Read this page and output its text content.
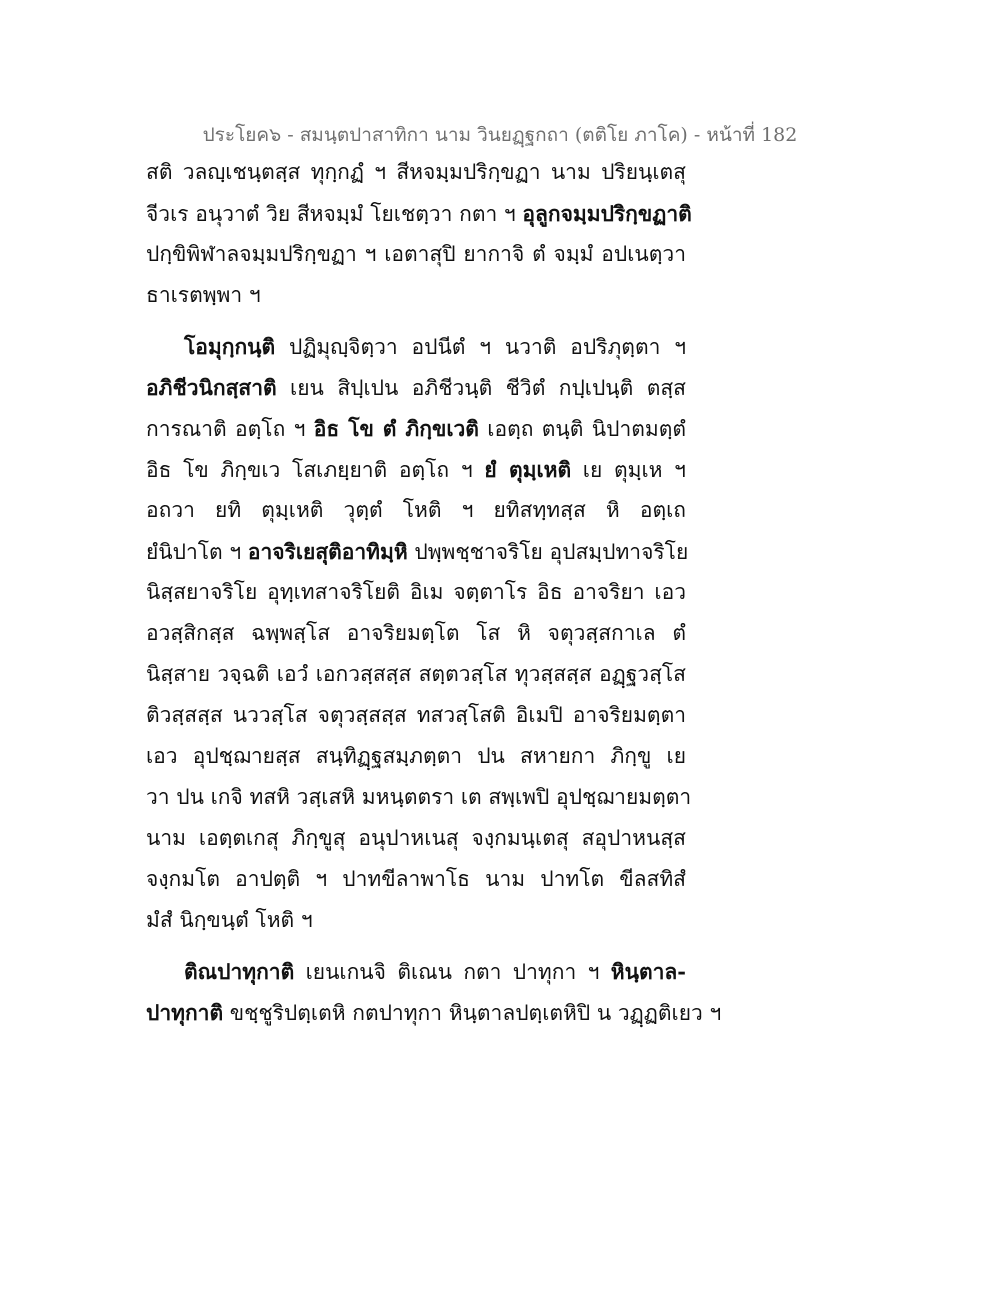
ประโยค๖ - สมนฺตปาสาทิกา นาม วินยฏฺฐกถา (ตติโย ภาโค) - หน้าที่ 182
สติ วลญฺเชนฺตสฺส ทุกฺกฏํ ฯ สีหจมฺมปริกฺขฏา นาม ปริยนฺเตสุ
จีวเร อนุวาตํ วิย สีหจมฺมํ โยเชตฺวา กตา ฯ อุลูกจมฺมปริกฺขฏาติ
ปกฺขิพิฬาลจมฺมปริกฺขฏา ฯ เอตาสุปิ ยากาจิ ตํ จมฺมํ อปเนตฺวา
ธาเรตพฺพา ฯ
โอมุกฺกนฺติ ปฏิมุญฺจิตฺวา อปนีตํ ฯ นวาติ อปริภุตฺตา ฯ
อภิชีวนิกสฺสาติ เยน สิปฺเปน อภิชีวนฺติ ชีวิตํ กปฺเปนฺติ ตสฺส
การณาติ อตฺโถ ฯ อิธ โข ตํ ภิกฺขเวติ เอตฺถ ตนฺติ นิปาตมตฺตํ
อิธ โข ภิกฺขเว โสเภยฺยาติ อตฺโถ ฯ ยํ ตุมฺเหติ เย ตุมฺเห ฯ
อถวา ยทิ ตุมฺเหติ วุตฺตํ โหติ ฯ ยทิสทฺทสฺส หิ อตฺเถ
ยํนิปาโต ฯ อาจริเยสุติอาทิมฺหิ ปพฺพชฺชาจริโย อุปสมฺปทาจริโย
นิสฺสยาจริโย อุทฺเทสาจริโยติ อิเม จตฺตาโร อิธ อาจริยา เอว
อวสฺสิกสฺส ฉพฺพสฺโส อาจริยมตฺโต โส หิ จตุวสฺสกาเล ตํ
นิสฺสาย วจฺฉติ เอวํ เอกวสฺสสฺส สตฺตวสฺโส ทุวสฺสสฺส อฏฺฐวสฺโส
ติวสฺสสฺส นววสฺโส จตุวสฺสสฺส ทสวสฺโสติ อิเมปิ อาจริยมตฺตา
เอว อุปชฺฌายสฺส สนฺทิฏฺฐสมฺภตฺตา ปน สหายกา ภิกฺขู เย
วา ปน เกจิ ทสหิ วสฺเสหิ มหนฺตตรา เต สพฺเพปิ อุปชฺฌายมตฺตา
นาม เอตฺตเกสุ ภิกฺขูสุ อนุปาหเนสุ จงฺกมนฺเตสุ สอุปาหนสฺส
จงฺกมโต อาปตฺติ ฯ ปาทขีลาพาโธ นาม ปาทโต ขีลสทิสํ
มํสํ นิกฺขนฺตํ โหติ ฯ
ติณปาทุกาติ เยนเกนจิ ติเณน กตา ปาทุกา ฯ หินฺตาล-
ปาทุกาติ ขชฺชูริปตฺเตหิ กตปาทุกา หินฺตาลปตฺเตหิปิ น วฏฺฏติเยว ฯ
